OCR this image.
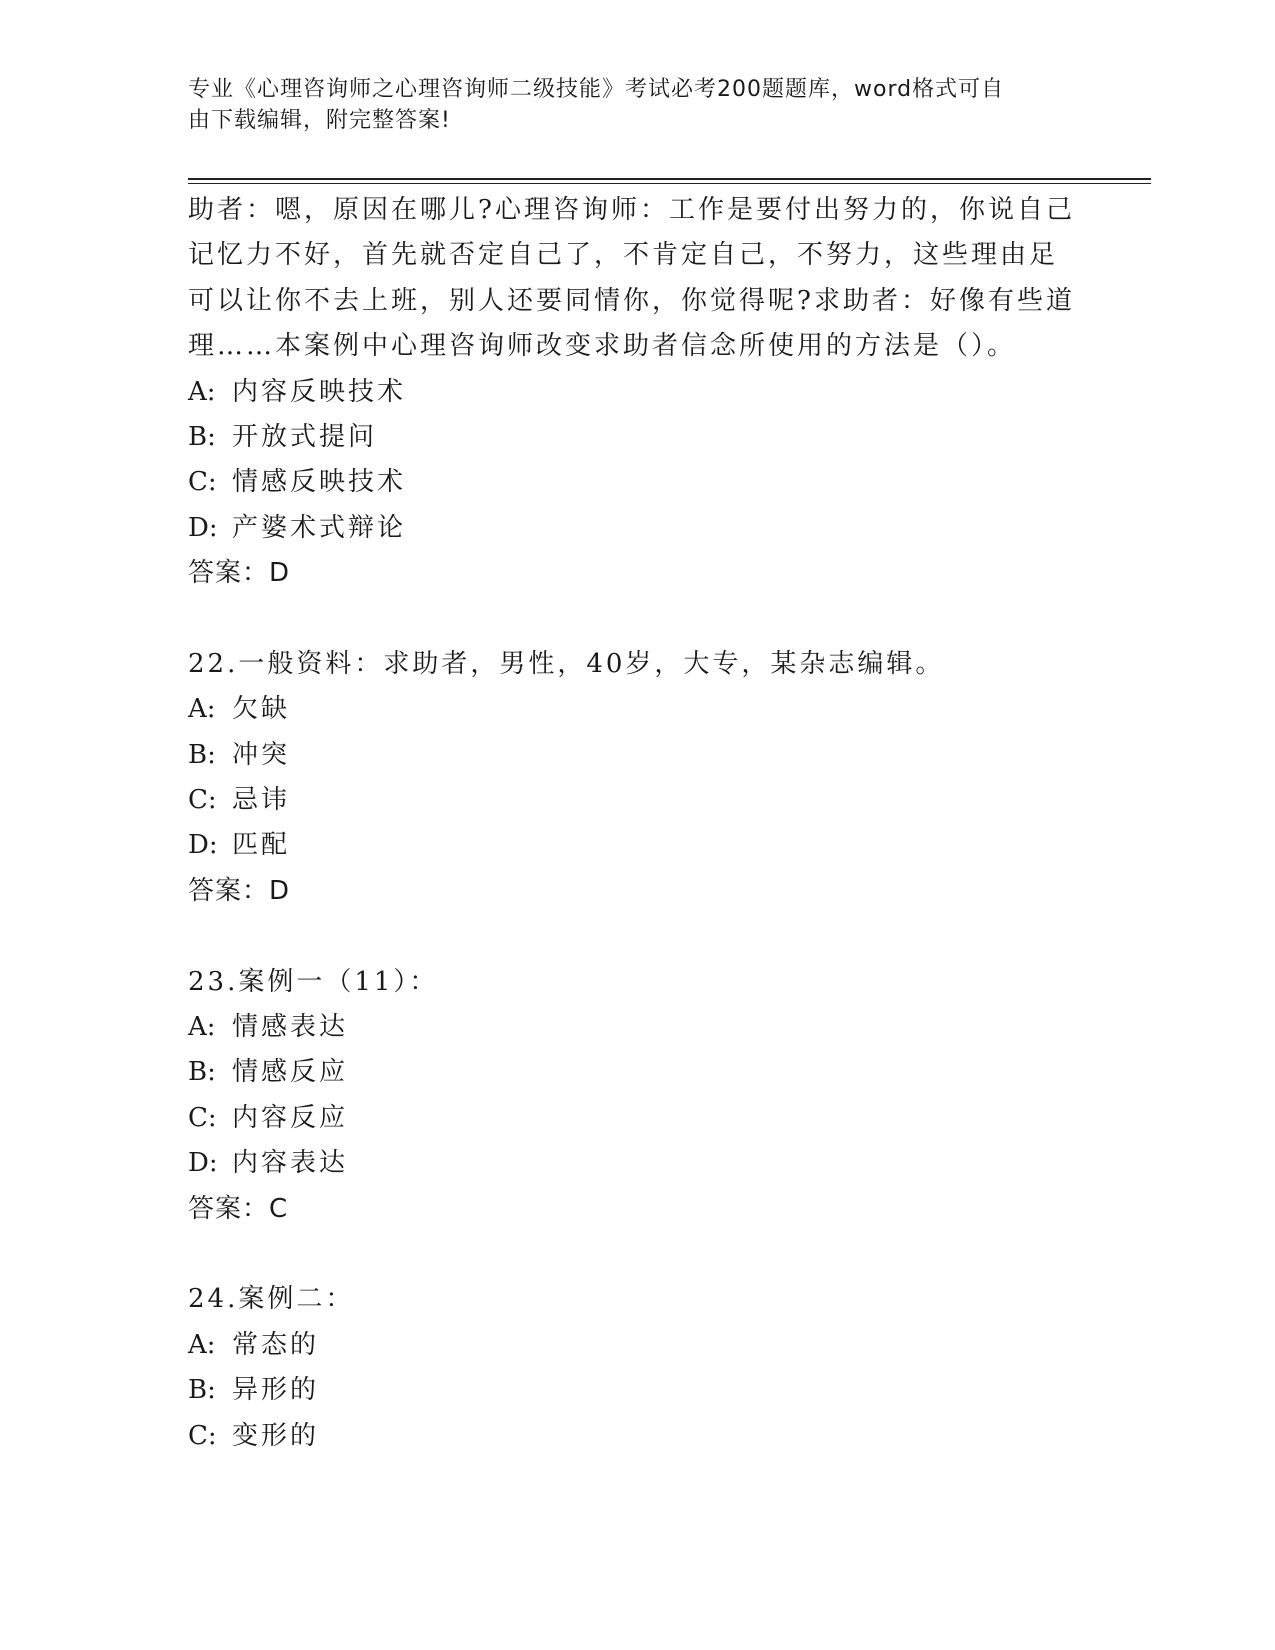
专业《心理咨询师之心理咨询师二级技能》考试必考200题题库，word格式可自
由下载编辑，附完整答案!
助者：嗯，原因在哪儿?心理咨询师：工作是要付出努力的，你说自己
记忆力不好，首先就否定自己了，不肯定自己，不努力，这些理由足
可以让你不去上班，别人还要同情你，你觉得呢?求助者：好像有些道
理……本案例中心理咨询师改变求助者信念所使用的方法是（）。
A: 内容反映技术
B: 开放式提问
C: 情感反映技术
D: 产婆术式辩论
答案：D
22.一般资料：求助者，男性，40岁，大专，某杂志编辑。
A: 欠缺
B: 冲突
C: 忌讳
D: 匹配
答案：D
23.案例一（11）：
A: 情感表达
B: 情感反应
C: 内容反应
D: 内容表达
答案：C
24.案例二：
A: 常态的
B: 异形的
C: 变形的
